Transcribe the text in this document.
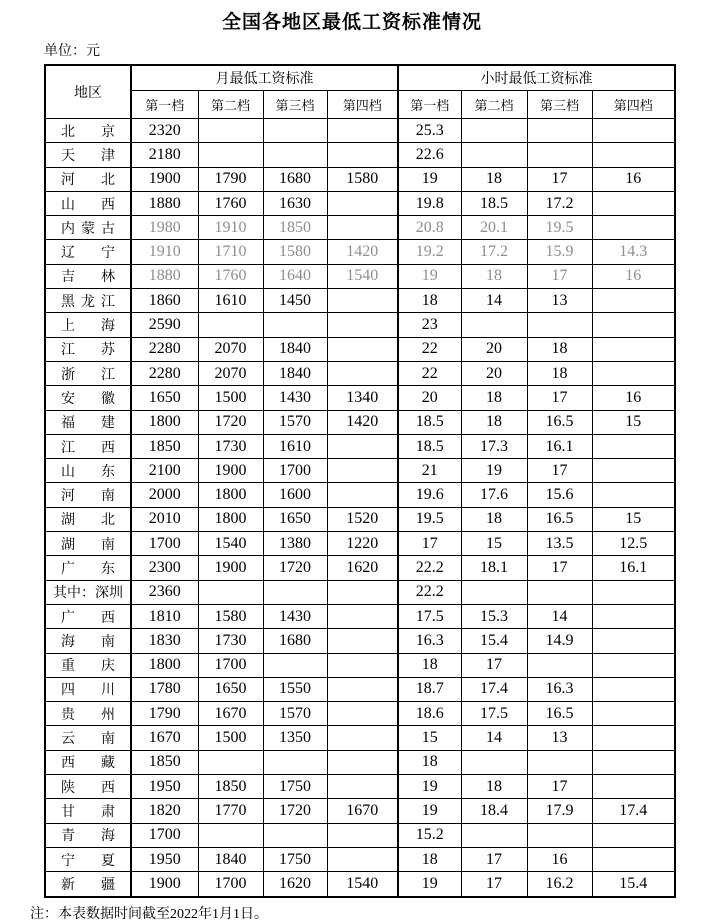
全国各地区最低工资标准情况
单位：元
地区	月最低工资标准				小时最低工资标准			
	第一档	第二档	第三档	第四档	第一档	第二档	第三档	第四档
北京	2320				25.3			
天津	2180				22.6			
河北	1900	1790	1680	1580	19	18	17	16
山西	1880	1760	1630		19.8	18.5	17.2	
内蒙古	1980	1910	1850		20.8	20.1	19.5	
辽宁	1910	1710	1580	1420	19.2	17.2	15.9	14.3
吉林	1880	1760	1640	1540	19	18	17	16
黑龙江	1860	1610	1450		18	14	13	
上海	2590				23			
江苏	2280	2070	1840		22	20	18	
浙江	2280	2070	1840		22	20	18	
安徽	1650	1500	1430	1340	20	18	17	16
福建	1800	1720	1570	1420	18.5	18	16.5	15
江西	1850	1730	1610		18.5	17.3	16.1	
山东	2100	1900	1700		21	19	17	
河南	2000	1800	1600		19.6	17.6	15.6	
湖北	2010	1800	1650	1520	19.5	18	16.5	15
湖南	1700	1540	1380	1220	17	15	13.5	12.5
广东	2300	1900	1720	1620	22.2	18.1	17	16.1
其中：深圳	2360				22.2			
广西	1810	1580	1430		17.5	15.3	14	
海南	1830	1730	1680		16.3	15.4	14.9	
重庆	1800	1700			18	17		
四川	1780	1650	1550		18.7	17.4	16.3	
贵州	1790	1670	1570		18.6	17.5	16.5	
云南	1670	1500	1350		15	14	13	
西藏	1850				18			
陕西	1950	1850	1750		19	18	17	
甘肃	1820	1770	1720	1670	19	18.4	17.9	17.4
青海	1700				15.2			
宁夏	1950	1840	1750		18	17	16	
新疆	1900	1700	1620	1540	19	17	16.2	15.4
注：本表数据时间截至2022年1月1日。
